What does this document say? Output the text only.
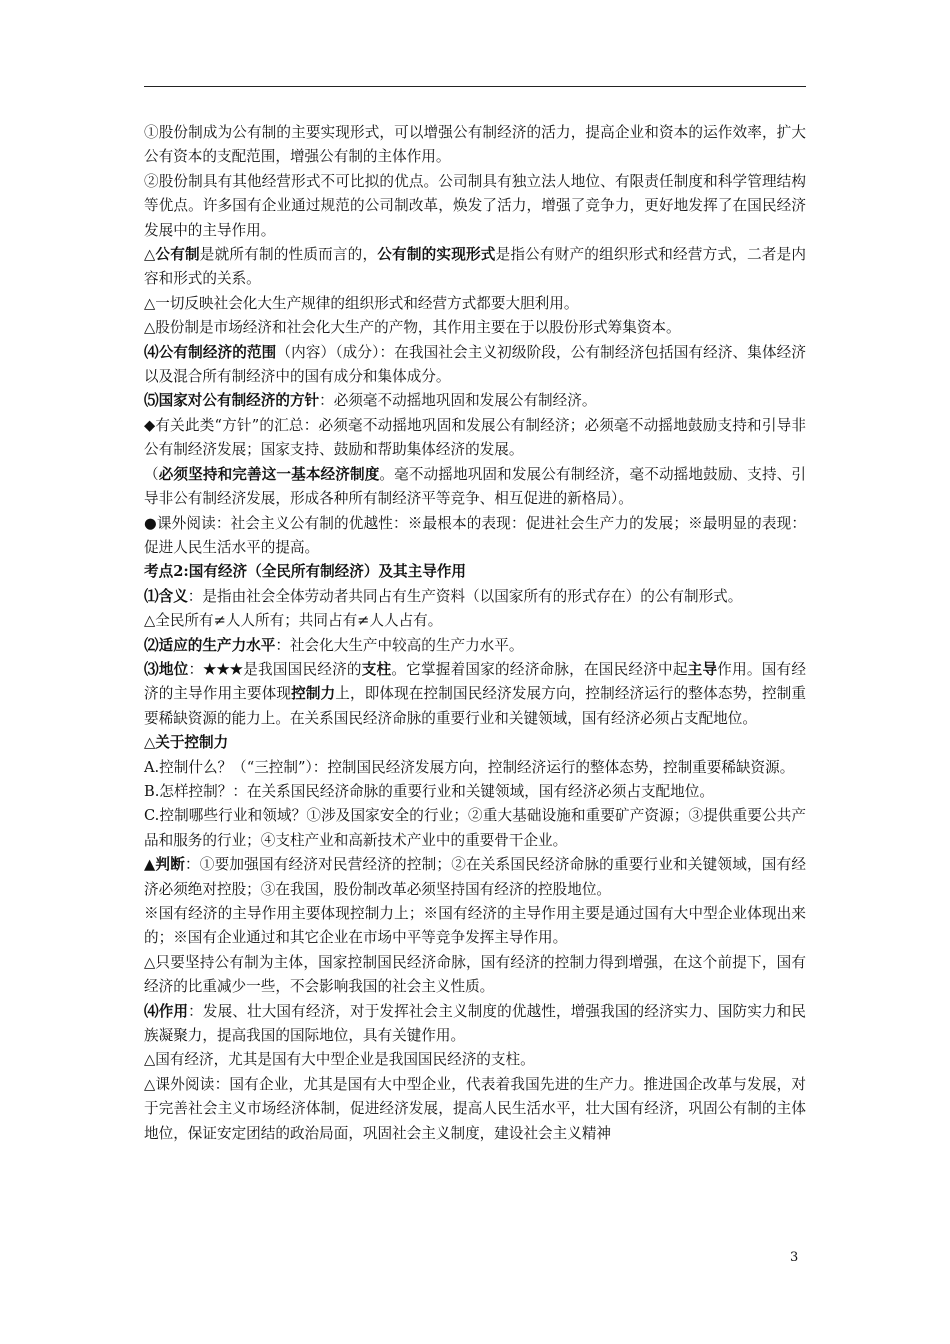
①股份制成为公有制的主要实现形式，可以增强公有制经济的活力，提高企业和资本的运作效率，扩大公有资本的支配范围，增强公有制的主体作用。

②股份制具有其他经营形式不可比拟的优点。公司制具有独立法人地位、有限责任制度和科学管理结构等优点。许多国有企业通过规范的公司制改革，焕发了活力，增强了竞争力，更好地发挥了在国民经济发展中的主导作用。

△公有制是就所有制的性质而言的，公有制的实现形式是指公有财产的组织形式和经营方式，二者是内容和形式的关系。

△一切反映社会化大生产规律的组织形式和经营方式都要大胆利用。

△股份制是市场经济和社会化大生产的产物，其作用主要在于以股份形式筹集资本。

⑷公有制经济的范围（内容）（成分）：在我国社会主义初级阶段，公有制经济包括国有经济、集体经济以及混合所有制经济中的国有成分和集体成分。

⑸国家对公有制经济的方针：必须毫不动摇地巩固和发展公有制经济。

◆有关此类“方针”的汇总：必须毫不动摇地巩固和发展公有制经济；必须毫不动摇地鼓励支持和引导非公有制经济发展；国家支持、鼓励和帮助集体经济的发展。

（必须坚持和完善这一基本经济制度。毫不动摇地巩固和发展公有制经济，毫不动摇地鼓励、支持、引导非公有制经济发展，形成各种所有制经济平等竞争、相互促进的新格局）。

●课外阅读：社会主义公有制的优越性：※最根本的表现：促进社会生产力的发展；※最明显的表现：促进人民生活水平的提高。

考点2:国有经济（全民所有制经济）及其主导作用

⑴含义：是指由社会全体劳动者共同占有生产资料（以国家所有的形式存在）的公有制形式。

△全民所有≠人人所有；共同占有≠人人占有。

⑵适应的生产力水平：社会化大生产中较高的生产力水平。

⑶地位：★★★是我国国民经济的支柱。它掌握着国家的经济命脉，在国民经济中起主导作用。国有经济的主导作用主要体现控制力上，即体现在控制国民经济发展方向，控制经济运行的整体态势，控制重要稀缺资源的能力上。在关系国民经济命脉的重要行业和关键领域，国有经济必须占支配地位。

△关于控制力

A.控制什么？（“三控制”）：控制国民经济发展方向，控制经济运行的整体态势，控制重要稀缺资源。

B.怎样控制？：在关系国民经济命脉的重要行业和关键领域，国有经济必须占支配地位。

C.控制哪些行业和领域？①涉及国家安全的行业；②重大基础设施和重要矿产资源；③提供重要公共产品和服务的行业；④支柱产业和高新技术产业中的重要骨干企业。

▲判断：①要加强国有经济对民营经济的控制；②在关系国民经济命脉的重要行业和关键领域，国有经济必须绝对控股；③在我国，股份制改革必须坚持国有经济的控股地位。

※国有经济的主导作用主要体现控制力上；※国有经济的主导作用主要是通过国有大中型企业体现出来的；※国有企业通过和其它企业在市场中平等竞争发挥主导作用。

△只要坚持公有制为主体，国家控制国民经济命脉，国有经济的控制力得到增强，在这个前提下，国有经济的比重减少一些，不会影响我国的社会主义性质。

⑷作用：发展、壮大国有经济，对于发挥社会主义制度的优越性，增强我国的经济实力、国防实力和民族凝聚力，提高我国的国际地位，具有关键作用。

△国有经济，尤其是国有大中型企业是我国国民经济的支柱。

△课外阅读：国有企业，尤其是国有大中型企业，代表着我国先进的生产力。推进国企改革与发展，对于完善社会主义市场经济体制，促进经济发展，提高人民生活水平，壮大国有经济，巩固公有制的主体地位，保证安定团结的政治局面，巩固社会主义制度，建设社会主义精神

3
